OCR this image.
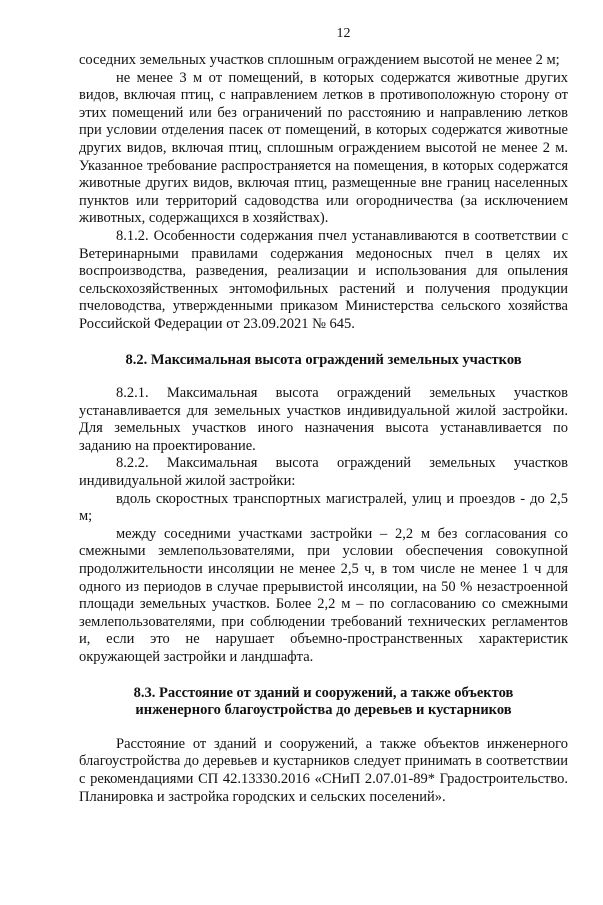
12

соседних земельных участков сплошным ограждением высотой не менее 2 м;

не менее 3 м от помещений, в которых содержатся животные других видов, включая птиц, с направлением летков в противоположную сторону от этих помещений или без ограничений по расстоянию и направлению летков при условии отделения пасек от помещений, в которых содержатся животные других видов, включая птиц, сплошным ограждением высотой не менее 2 м. Указанное требование распространяется на помещения, в которых содержатся животные других видов, включая птиц, размещенные вне границ населенных пунктов или территорий садоводства или огородничества (за исключением животных, содержащихся в хозяйствах).

8.1.2. Особенности содержания пчел устанавливаются в соответствии с Ветеринарными правилами содержания медоносных пчел в целях их воспроизводства, разведения, реализации и использования для опыления сельскохозяйственных энтомофильных растений и получения продукции пчеловодства, утвержденными приказом Министерства сельского хозяйства Российской Федерации от 23.09.2021 № 645.

8.2. Максимальная высота ограждений земельных участков

8.2.1. Максимальная высота ограждений земельных участков устанавливается для земельных участков индивидуальной жилой застройки. Для земельных участков иного назначения высота устанавливается по заданию на проектирование.

8.2.2. Максимальная высота ограждений земельных участков индивидуальной жилой застройки:

вдоль скоростных транспортных магистралей, улиц и проездов - до 2,5 м;

между соседними участками застройки – 2,2 м без согласования со смежными землепользователями, при условии обеспечения совокупной продолжительности инсоляции не менее 2,5 ч, в том числе не менее 1 ч для одного из периодов в случае прерывистой инсоляции, на 50 % незастроенной площади земельных участков. Более 2,2 м – по согласованию со смежными землепользователями, при соблюдении требований технических регламентов и, если это не нарушает объемно-пространственных характеристик окружающей застройки и ландшафта.

8.3. Расстояние от зданий и сооружений, а также объектов
инженерного благоустройства до деревьев и кустарников

Расстояние от зданий и сооружений, а также объектов инженерного благоустройства до деревьев и кустарников следует принимать в соответствии с рекомендациями СП 42.13330.2016 «СНиП 2.07.01-89* Градостроительство. Планировка и застройка городских и сельских поселений».
